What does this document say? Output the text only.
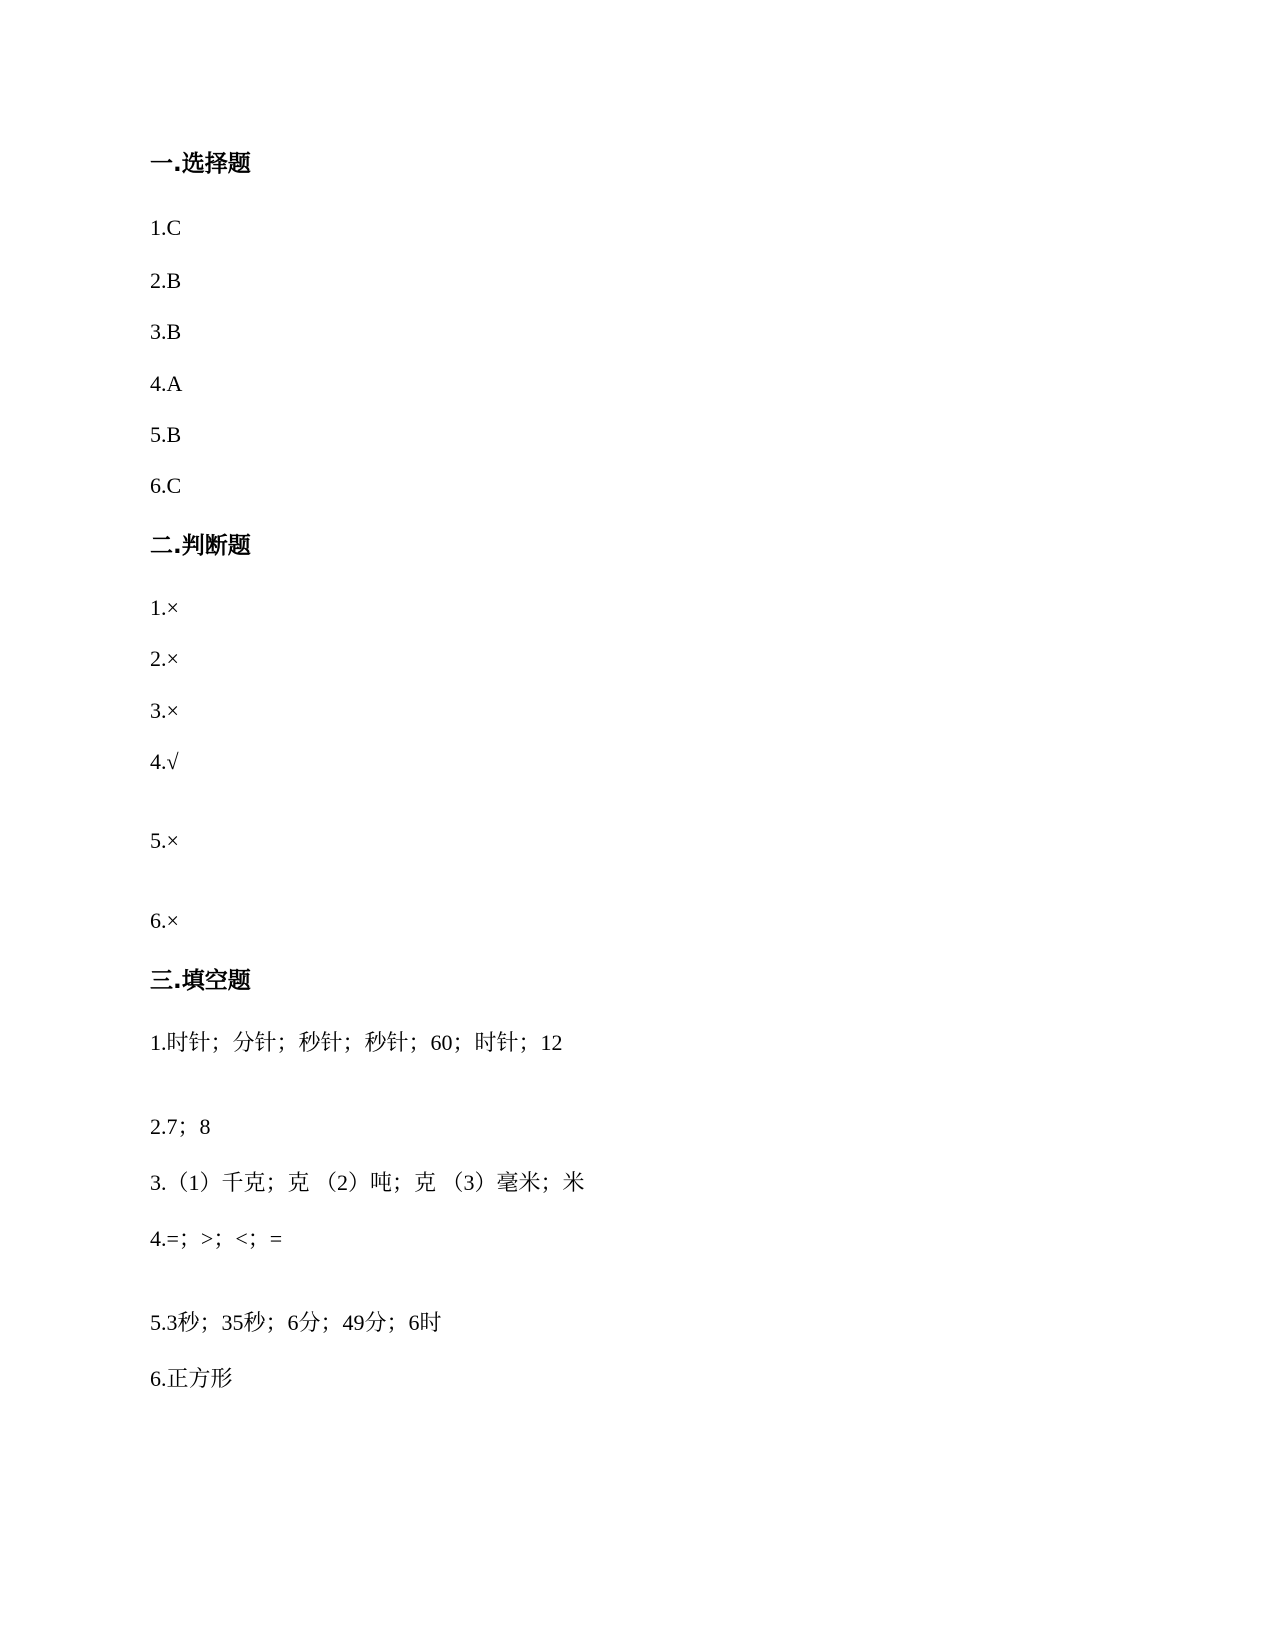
一.选择题
1.C
2.B
3.B
4.A
5.B
6.C
二.判断题
1.×
2.×
3.×
4.√
5.×
6.×
三.填空题
1.时针；分针；秒针；秒针；60；时针；12
2.7；8
3.（1）千克；克 （2）吨；克 （3）毫米；米
4.=；>；<；=
5.3秒；35秒；6分；49分；6时
6.正方形
